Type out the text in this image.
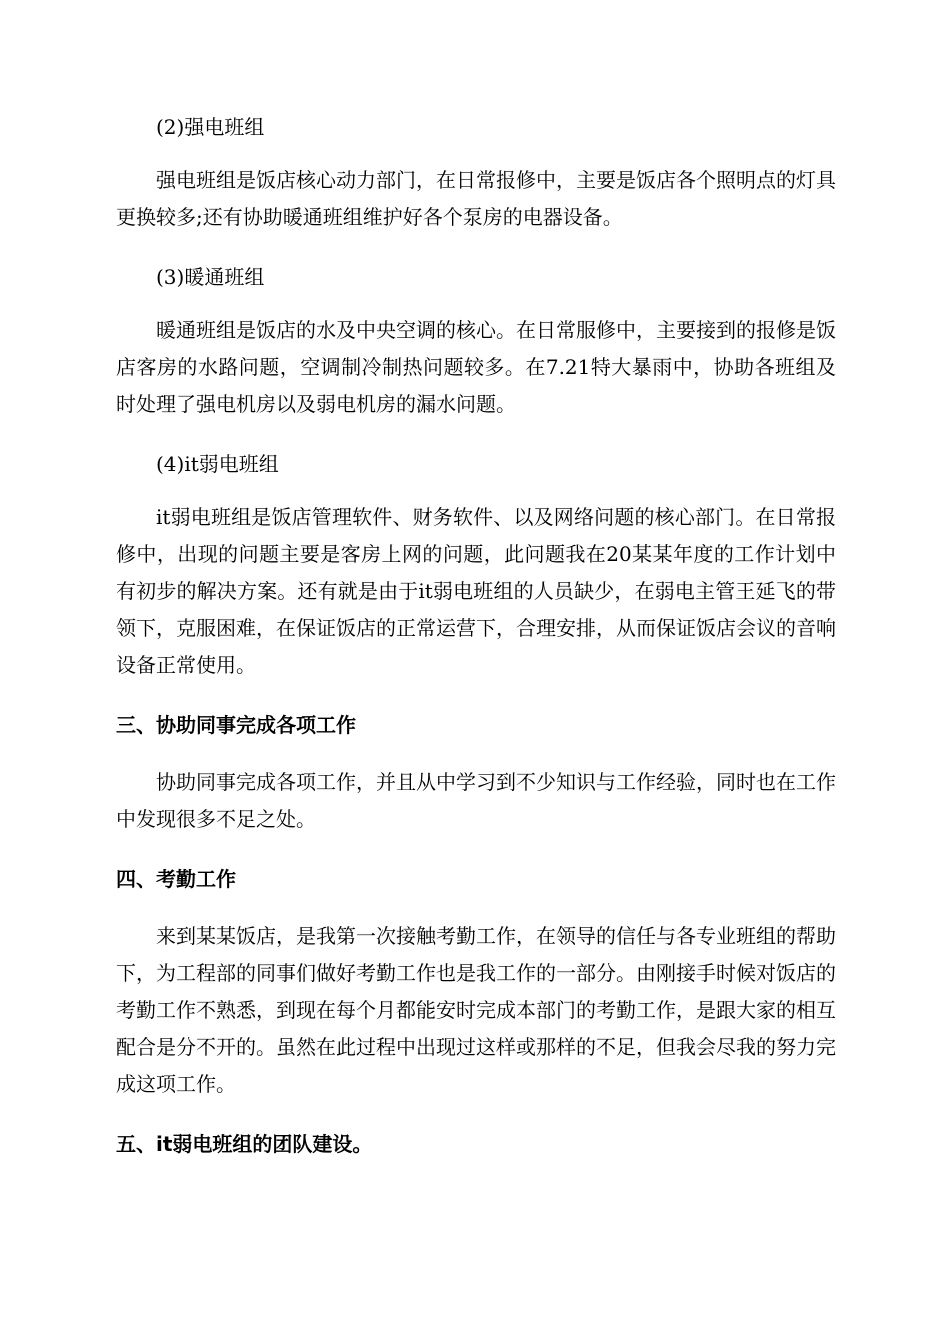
(2)强电班组

强电班组是饭店核心动力部门，在日常报修中，主要是饭店各个照明点的灯具更换较多;还有协助暖通班组维护好各个泵房的电器设备。

(3)暖通班组

暖通班组是饭店的水及中央空调的核心。在日常服修中，主要接到的报修是饭店客房的水路问题，空调制冷制热问题较多。在7.21特大暴雨中，协助各班组及时处理了强电机房以及弱电机房的漏水问题。

(4)it弱电班组

it弱电班组是饭店管理软件、财务软件、以及网络问题的核心部门。在日常报修中，出现的问题主要是客房上网的问题，此问题我在20某某年度的工作计划中有初步的解决方案。还有就是由于it弱电班组的人员缺少，在弱电主管王延飞的带领下，克服困难，在保证饭店的正常运营下，合理安排，从而保证饭店会议的音响设备正常使用。

三、协助同事完成各项工作

协助同事完成各项工作，并且从中学习到不少知识与工作经验，同时也在工作中发现很多不足之处。

四、考勤工作

来到某某饭店，是我第一次接触考勤工作，在领导的信任与各专业班组的帮助下，为工程部的同事们做好考勤工作也是我工作的一部分。由刚接手时候对饭店的考勤工作不熟悉，到现在每个月都能安时完成本部门的考勤工作，是跟大家的相互配合是分不开的。虽然在此过程中出现过这样或那样的不足，但我会尽我的努力完成这项工作。

五、it弱电班组的团队建设。
